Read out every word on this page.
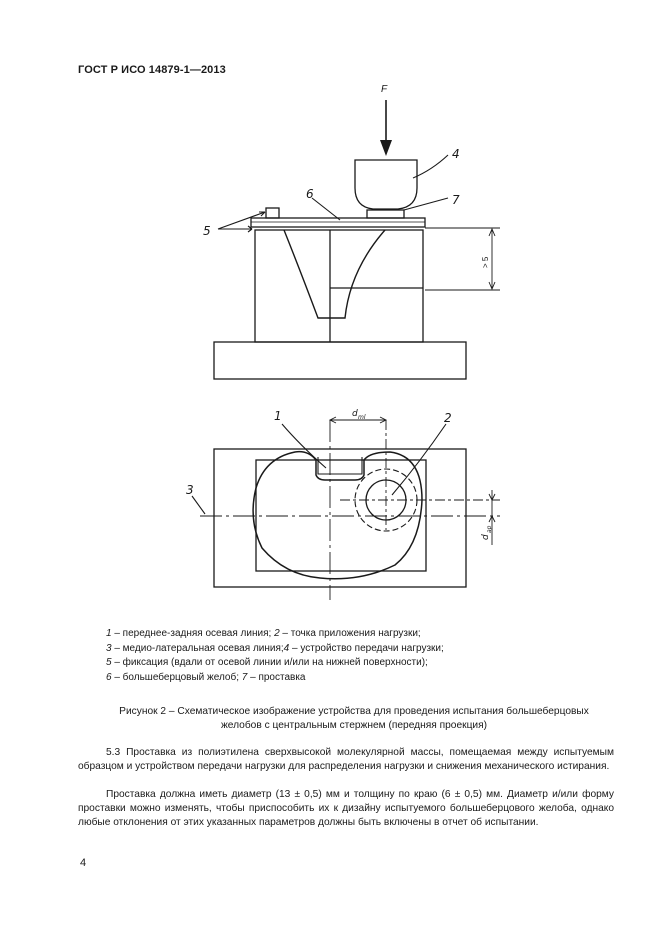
ГОСТ Р ИСО 14879-1—2013
F
4
7
6
5
> 5
1	2
3
d ml
d
ap
1 – переднее-задняя осевая линия; 2 – точка приложения нагрузки;
3 – медио-латеральная осевая линия;4 – устройство передачи нагрузки;
5 – фиксация (вдали от осевой линии и/или на нижней поверхности);
6 – большеберцовый желоб; 7 – проставка
Рисунок 2 – Схематическое изображение устройства для проведения испытания большеберцовых
желобов с центральным стержнем (передняя проекция)
5.3 Проставка из полиэтилена сверхвысокой молекулярной массы, помещаемая между испытуемым образцом и устройством передачи нагрузки для распределения нагрузки и снижения механического истирания.
Проставка должна иметь диаметр (13 ± 0,5) мм и толщину по краю (6 ± 0,5) мм. Диаметр и/или форму проставки можно изменять, чтобы приспособить их к дизайну испытуемого большеберцового желоба, однако любые отклонения от этих указанных параметров должны быть включены в отчет об испытании.
4
